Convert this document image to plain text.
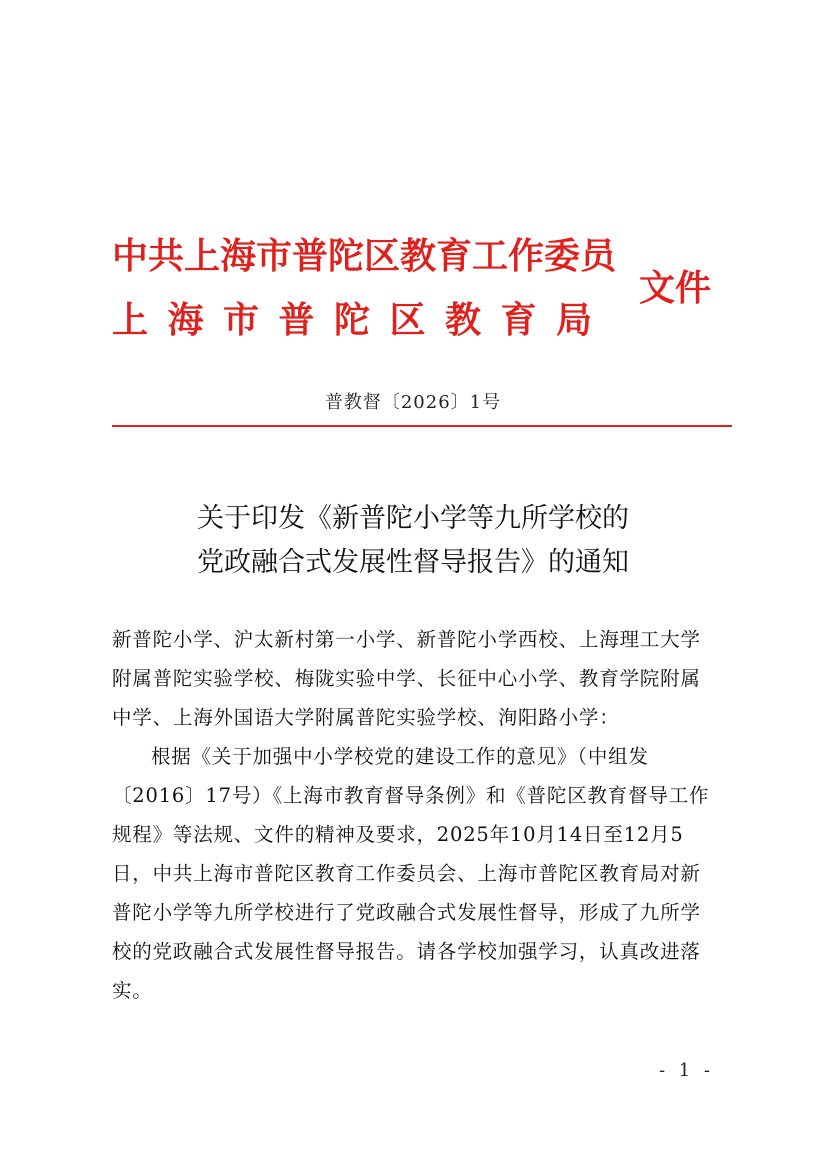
中共上海市普陀区教育工作委员
上海市普陀区教育局
文件
普教督〔2026〕1号
关于印发《新普陀小学等九所学校的
党政融合式发展性督导报告》的通知

新普陀小学、沪太新村第一小学、新普陀小学西校、上海理工大学附属普陀实验学校、梅陇实验中学、长征中心小学、教育学院附属中学、上海外国语大学附属普陀实验学校、洵阳路小学：

根据《关于加强中小学校党的建设工作的意见》（中组发〔2016〕17号）《上海市教育督导条例》和《普陀区教育督导工作规程》等法规、文件的精神及要求，2025年10月14日至12月5日，中共上海市普陀区教育工作委员会、上海市普陀区教育局对新普陀小学等九所学校进行了党政融合式发展性督导，形成了九所学校的党政融合式发展性督导报告。请各学校加强学习，认真改进落实。

- 1 -
